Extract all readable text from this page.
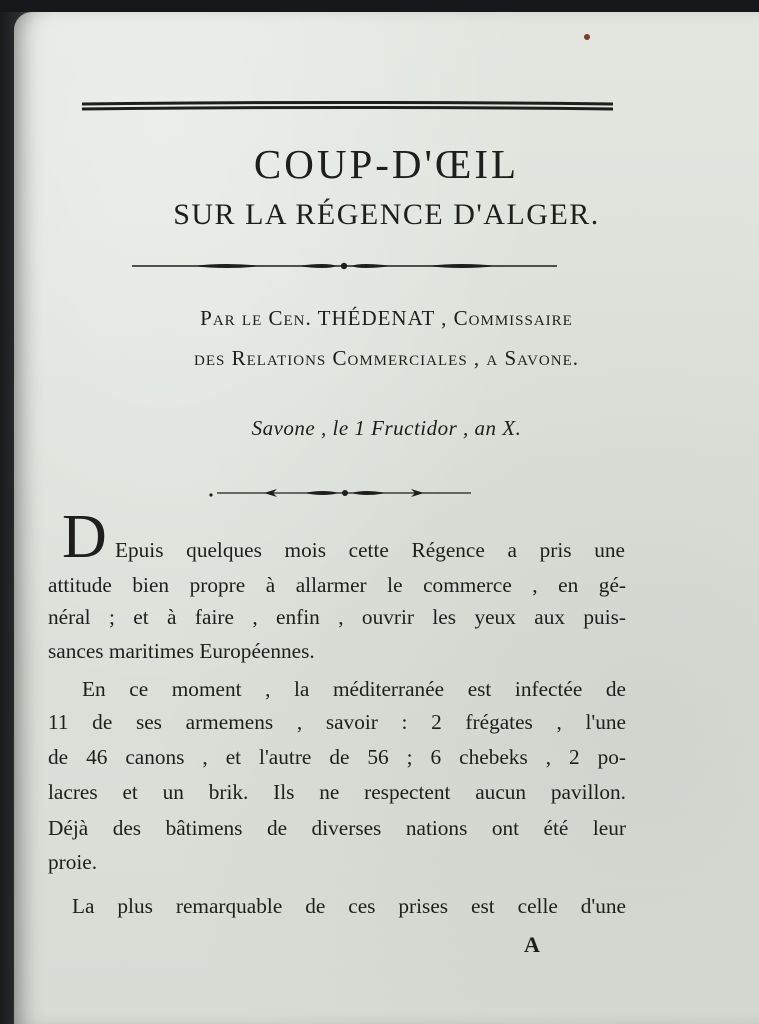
COUP-D'ŒIL
SUR LA RÉGENCE D'ALGER.
Par le Cen. THÉDENAT , Commissaire
des Relations Commerciales , a Savone.
Savone , le 1 Fructidor , an X.
D Epuis quelques mois cette Régence a pris une
attitude bien propre à allarmer le commerce , en gé-
néral ; et à faire , enfin , ouvrir les yeux aux puis-
sances maritimes Européennes.
En ce moment , la méditerranée est infectée de
11 de ses armemens , savoir : 2 frégates , l'une
de 46 canons , et l'autre de 56 ; 6 chebeks , 2 po-
lacres et un brik. Ils ne respectent aucun pavillon.
Déjà des bâtimens de diverses nations ont été leur
proie.
La plus remarquable de ces prises est celle d'une
A
